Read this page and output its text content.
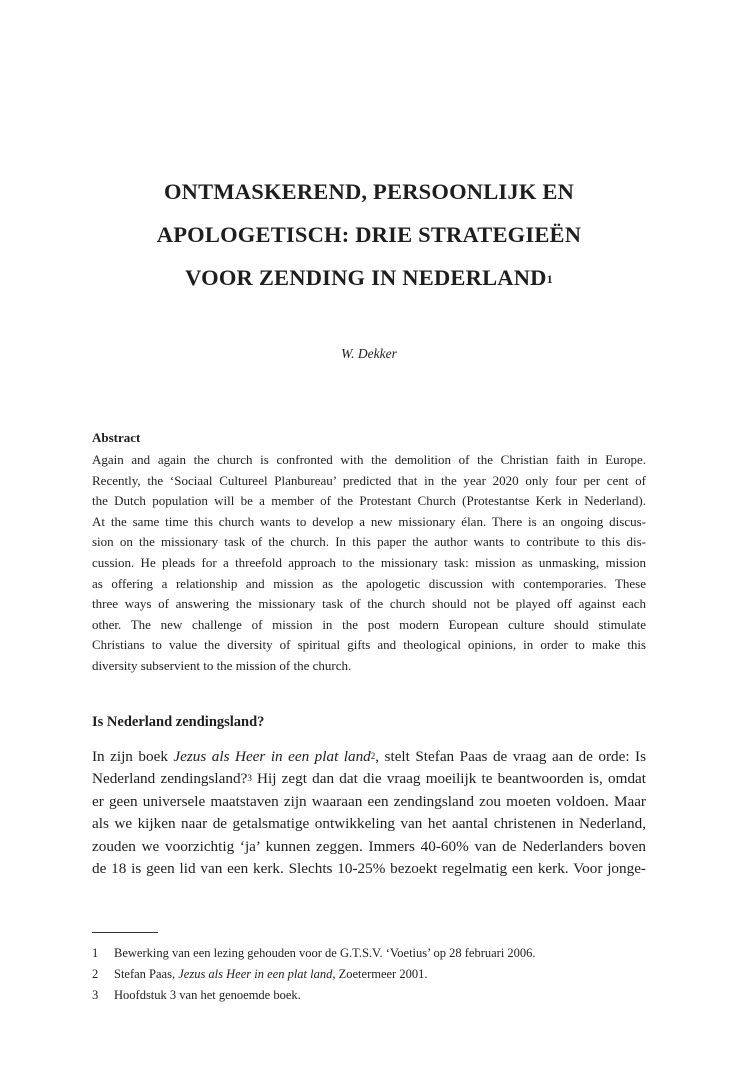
ONTMASKEREND, PERSOONLIJK EN
APOLOGETISCH: DRIE STRATEGIEËN
VOOR ZENDING IN NEDERLAND$^1$
W. Dekker
Abstract
Again and again the church is confronted with the demolition of the Christian faith in Europe.
Recently, the ‘Sociaal Cultureel Planbureau’ predicted that in the year 2020 only four per cent of
the Dutch population will be a member of the Protestant Church (Protestantse Kerk in Nederland).
At the same time this church wants to develop a new missionary élan. There is an ongoing discus-
sion on the missionary task of the church. In this paper the author wants to contribute to this dis-
cussion. He pleads for a threefold approach to the missionary task: mission as unmasking, mission
as offering a relationship and mission as the apologetic discussion with contemporaries. These
three ways of answering the missionary task of the church should not be played off against each
other. The new challenge of mission in the post modern European culture should stimulate
Christians to value the diversity of spiritual gifts and theological opinions, in order to make this
diversity subservient to the mission of the church.
Is Nederland zendingsland?
In zijn boek Jezus als Heer in een plat land$^2$, stelt Stefan Paas de vraag aan de orde: Is
Nederland zendingsland?$^3$ Hij zegt dan dat die vraag moeilijk te beantwoorden is, omdat
er geen universele maatstaven zijn waaraan een zendingsland zou moeten voldoen. Maar
als we kijken naar de getalsmatige ontwikkeling van het aantal christenen in Nederland,
zouden we voorzichtig ‘ja’ kunnen zeggen. Immers 40-60% van de Nederlanders boven
de 18 is geen lid van een kerk. Slechts 10-25% bezoekt regelmatig een kerk. Voor jonge-
1 Bewerking van een lezing gehouden voor de G.T.S.V. ‘Voetius’ op 28 februari 2006.
2 Stefan Paas, Jezus als Heer in een plat land, Zoetermeer 2001.
3 Hoofdstuk 3 van het genoemde boek.
